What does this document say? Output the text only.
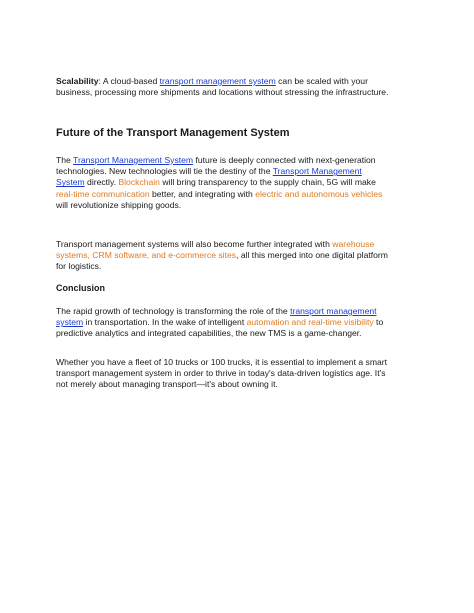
Scalability: A cloud-based transport management system can be scaled with your
business, processing more shipments and locations without stressing the infrastructure.

Future of the Transport Management System

The Transport Management System future is deeply connected with next-generation
technologies. New technologies will tie the destiny of the Transport Management
System directly. Blockchain will bring transparency to the supply chain, 5G will make
real-time communication better, and integrating with electric and autonomous vehicles
will revolutionize shipping goods.

Transport management systems will also become further integrated with warehouse
systems, CRM software, and e-commerce sites, all this merged into one digital platform
for logistics.

Conclusion

The rapid growth of technology is transforming the role of the transport management
system in transportation. In the wake of intelligent automation and real-time visibility to
predictive analytics and integrated capabilities, the new TMS is a game-changer.

Whether you have a fleet of 10 trucks or 100 trucks, it is essential to implement a smart
transport management system in order to thrive in today's data-driven logistics age. It's
not merely about managing transport—it's about owning it.
